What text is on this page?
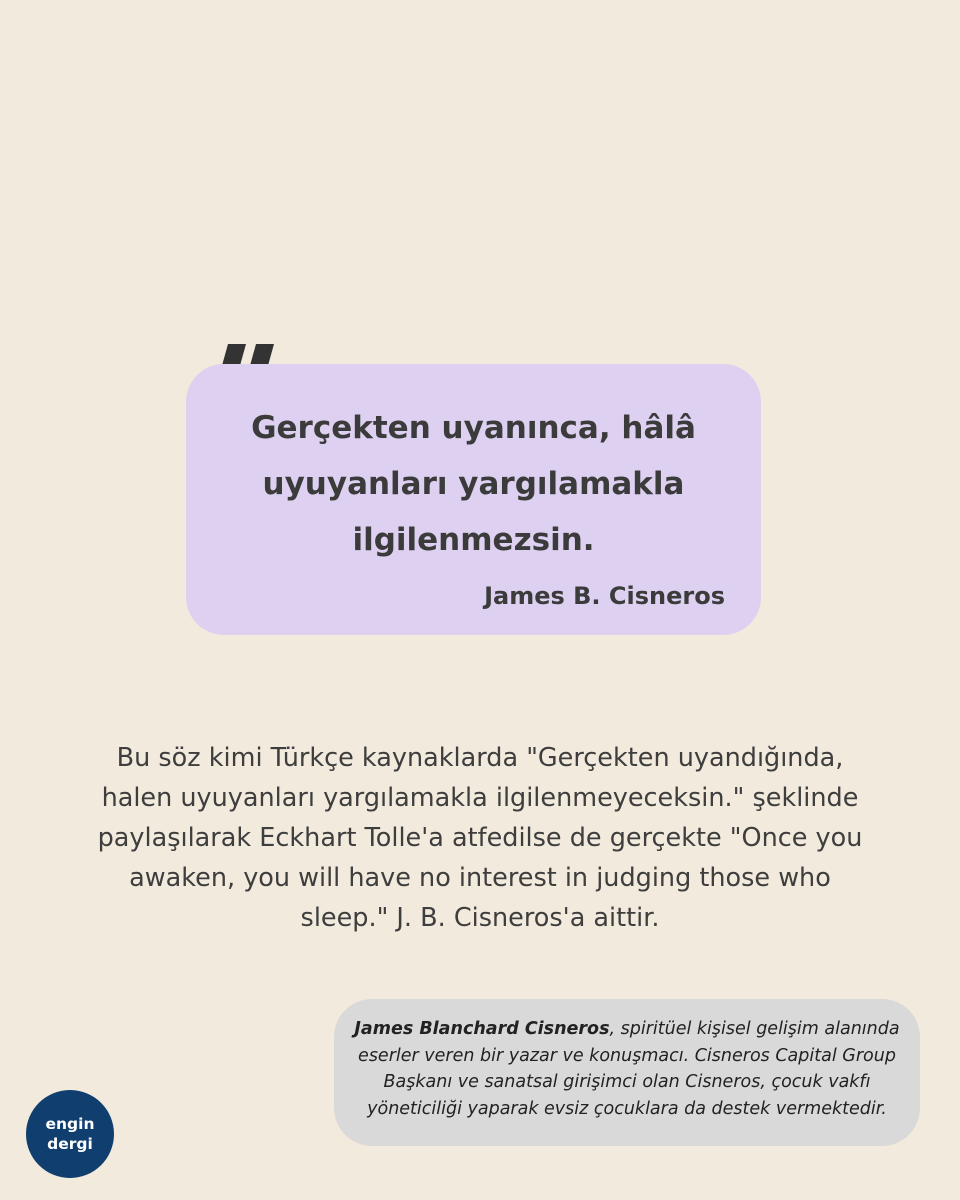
Gerçekten uyanınca, hâlâ
uyuyanları yargılamakla
ilgilenmezsin.
James B. Cisneros
Bu söz kimi Türkçe kaynaklarda "Gerçekten uyandığında,
halen uyuyanları yargılamakla ilgilenmeyeceksin." şeklinde
paylaşılarak Eckhart Tolle'a atfedilse de gerçekte "Once you
awaken, you will have no interest in judging those who
sleep." J. B. Cisneros'a aittir.
James Blanchard Cisneros, spiritüel kişisel gelişim alanında eserler veren bir yazar ve konuşmacı. Cisneros Capital Group Başkanı ve sanatsal girişimci olan Cisneros, çocuk vakfı yöneticiliği yaparak evsiz çocuklara da destek vermektedir.
engin
dergi
